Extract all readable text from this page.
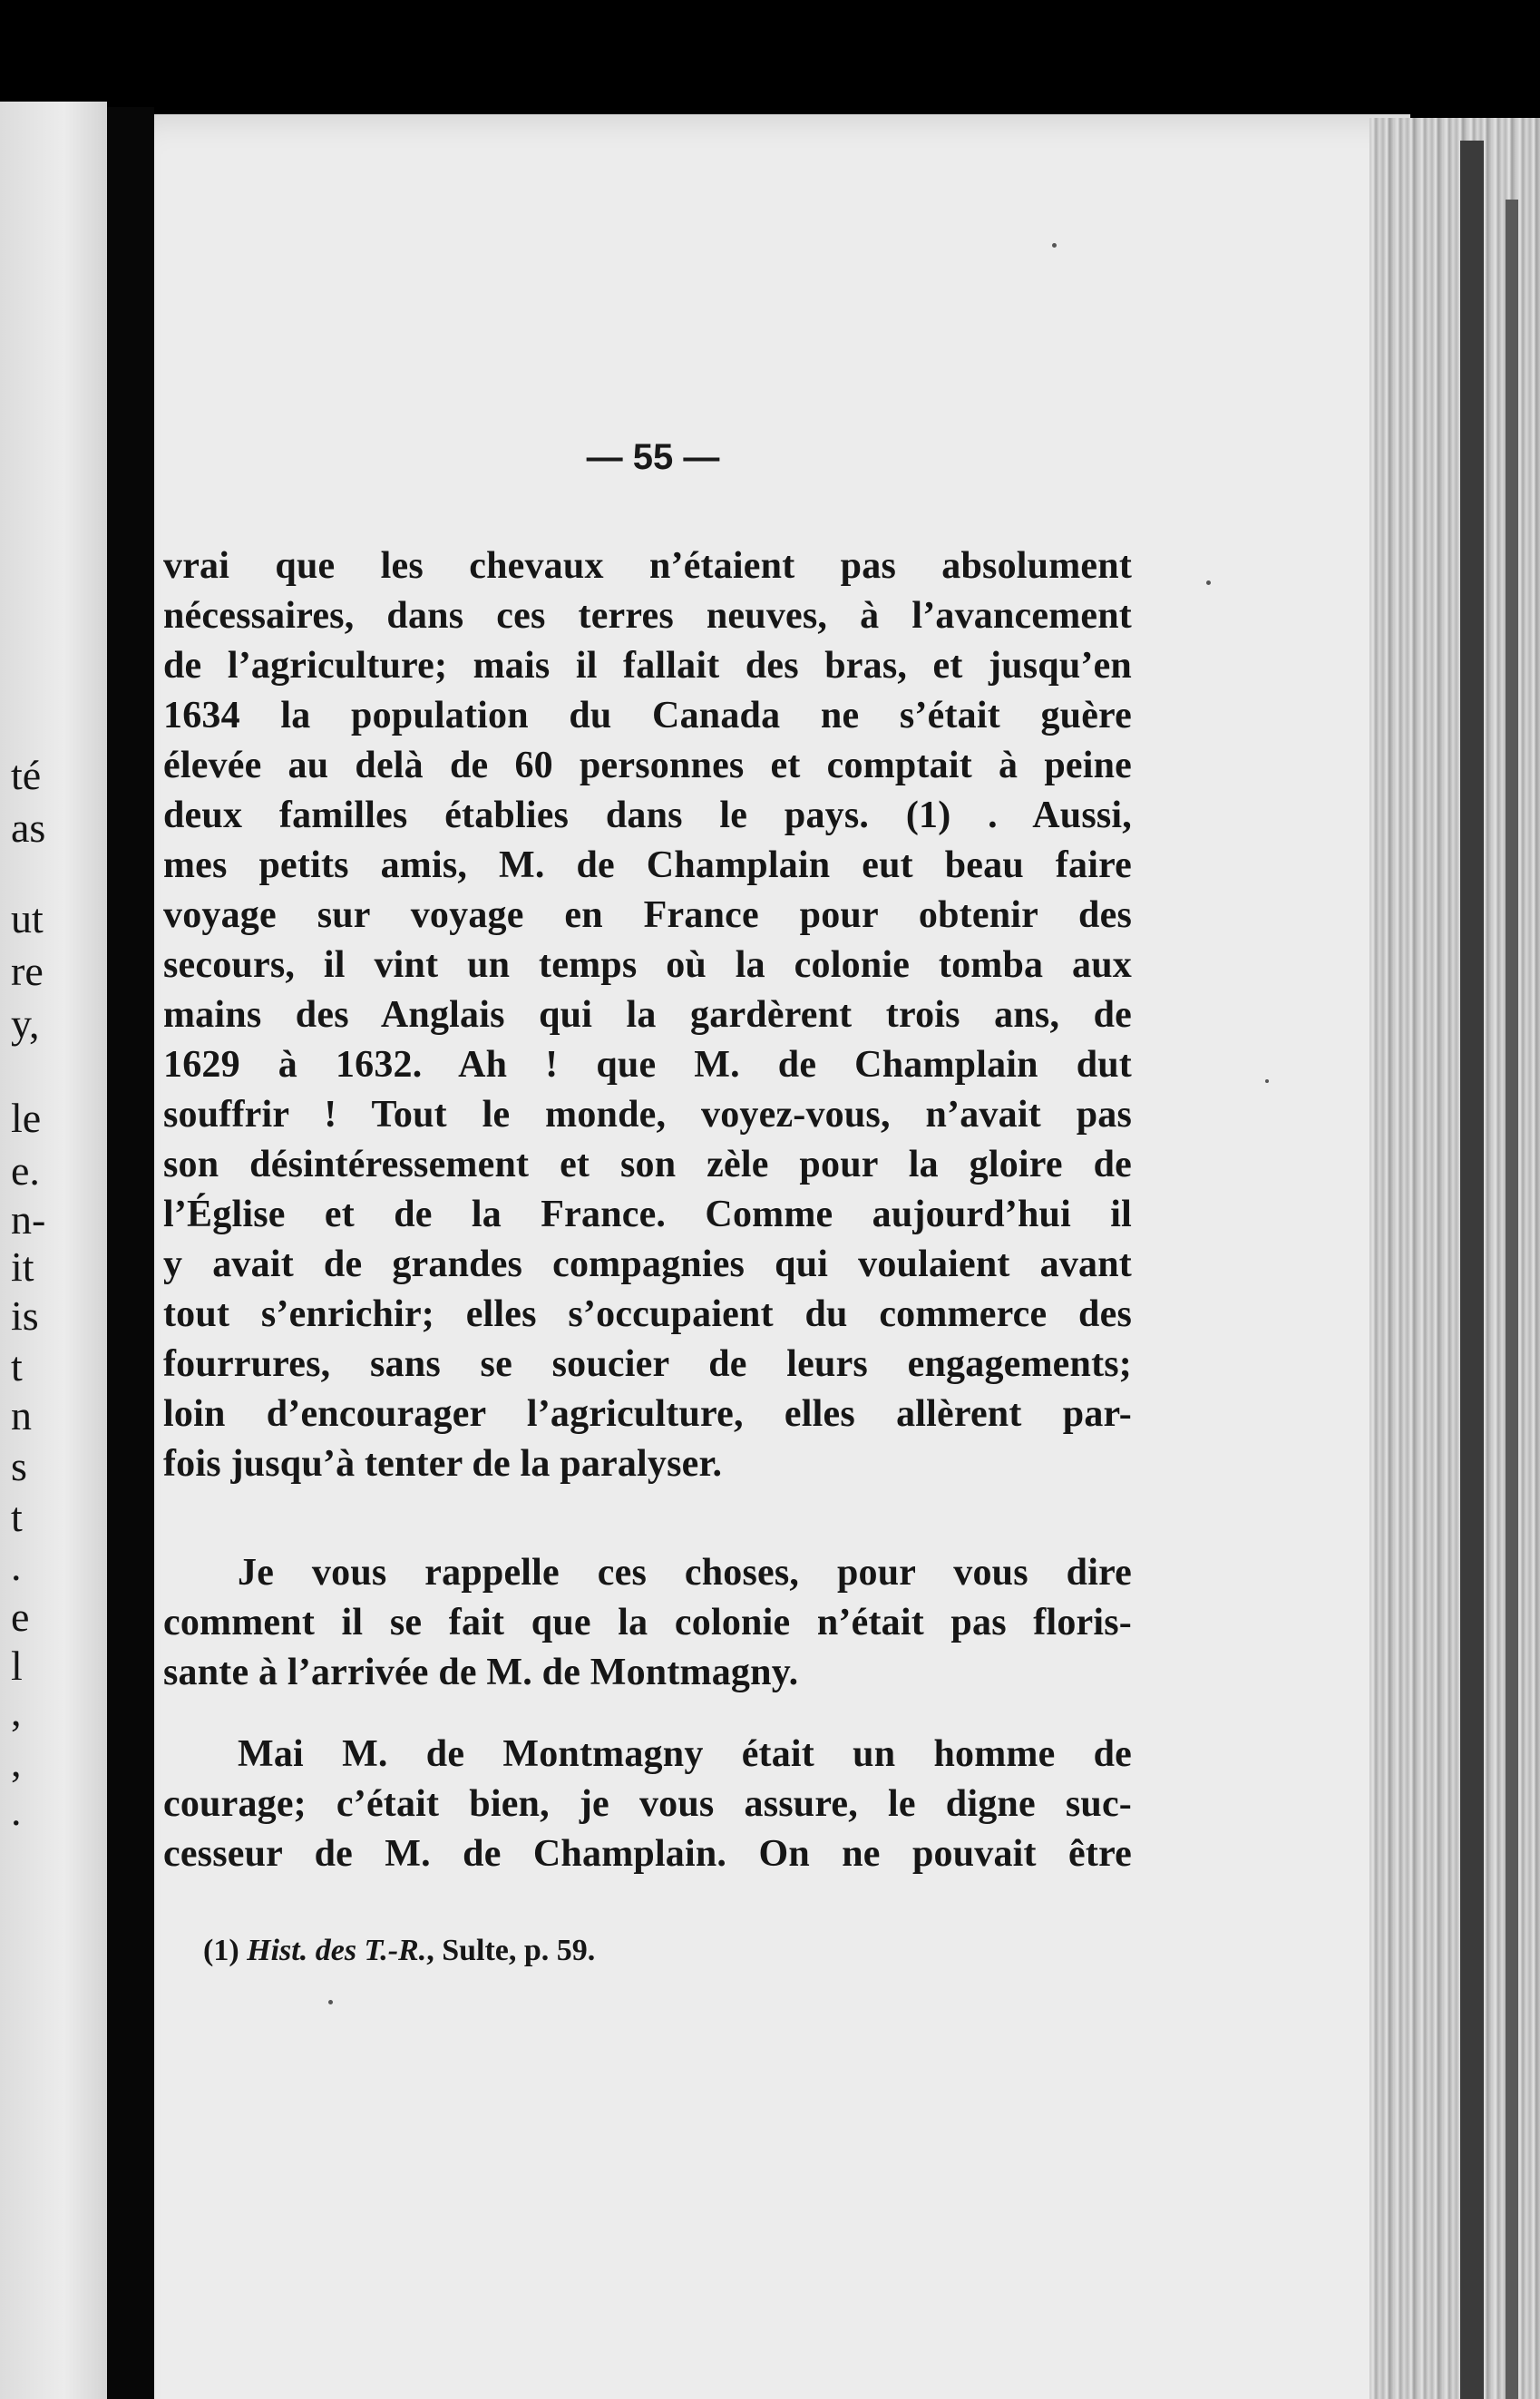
té
as
ut
re
y,
le
e.
n-
it
is
t
n
s
t
.
e
l
,
,
.
— 55 —
vrai que les chevaux n’étaient pas absolument
nécessaires, dans ces terres neuves, à l’avancement
de l’agriculture; mais il fallait des bras, et jusqu’en
1634 la population du Canada ne s’était guère
élevée au delà de 60 personnes et comptait à peine
deux familles établies dans le pays. (1) . Aussi,
mes petits amis, M. de Champlain eut beau faire
voyage sur voyage en France pour obtenir des
secours, il vint un temps où la colonie tomba aux
mains des Anglais qui la gardèrent trois ans, de
1629 à 1632. Ah ! que M. de Champlain dut
souffrir ! Tout le monde, voyez-vous, n’avait pas
son désintéressement et son zèle pour la gloire de
l’Église et de la France. Comme aujourd’hui il
y avait de grandes compagnies qui voulaient avant
tout s’enrichir; elles s’occupaient du commerce des
fourrures, sans se soucier de leurs engagements;
loin d’encourager l’agriculture, elles allèrent par-
fois jusqu’à tenter de la paralyser.
Je vous rappelle ces choses, pour vous dire
comment il se fait que la colonie n’était pas floris-
sante à l’arrivée de M. de Montmagny.
Mai M. de Montmagny était un homme de
courage; c’était bien, je vous assure, le digne suc-
cesseur de M. de Champlain. On ne pouvait être
(1) Hist. des T.-R., Sulte, p. 59.
